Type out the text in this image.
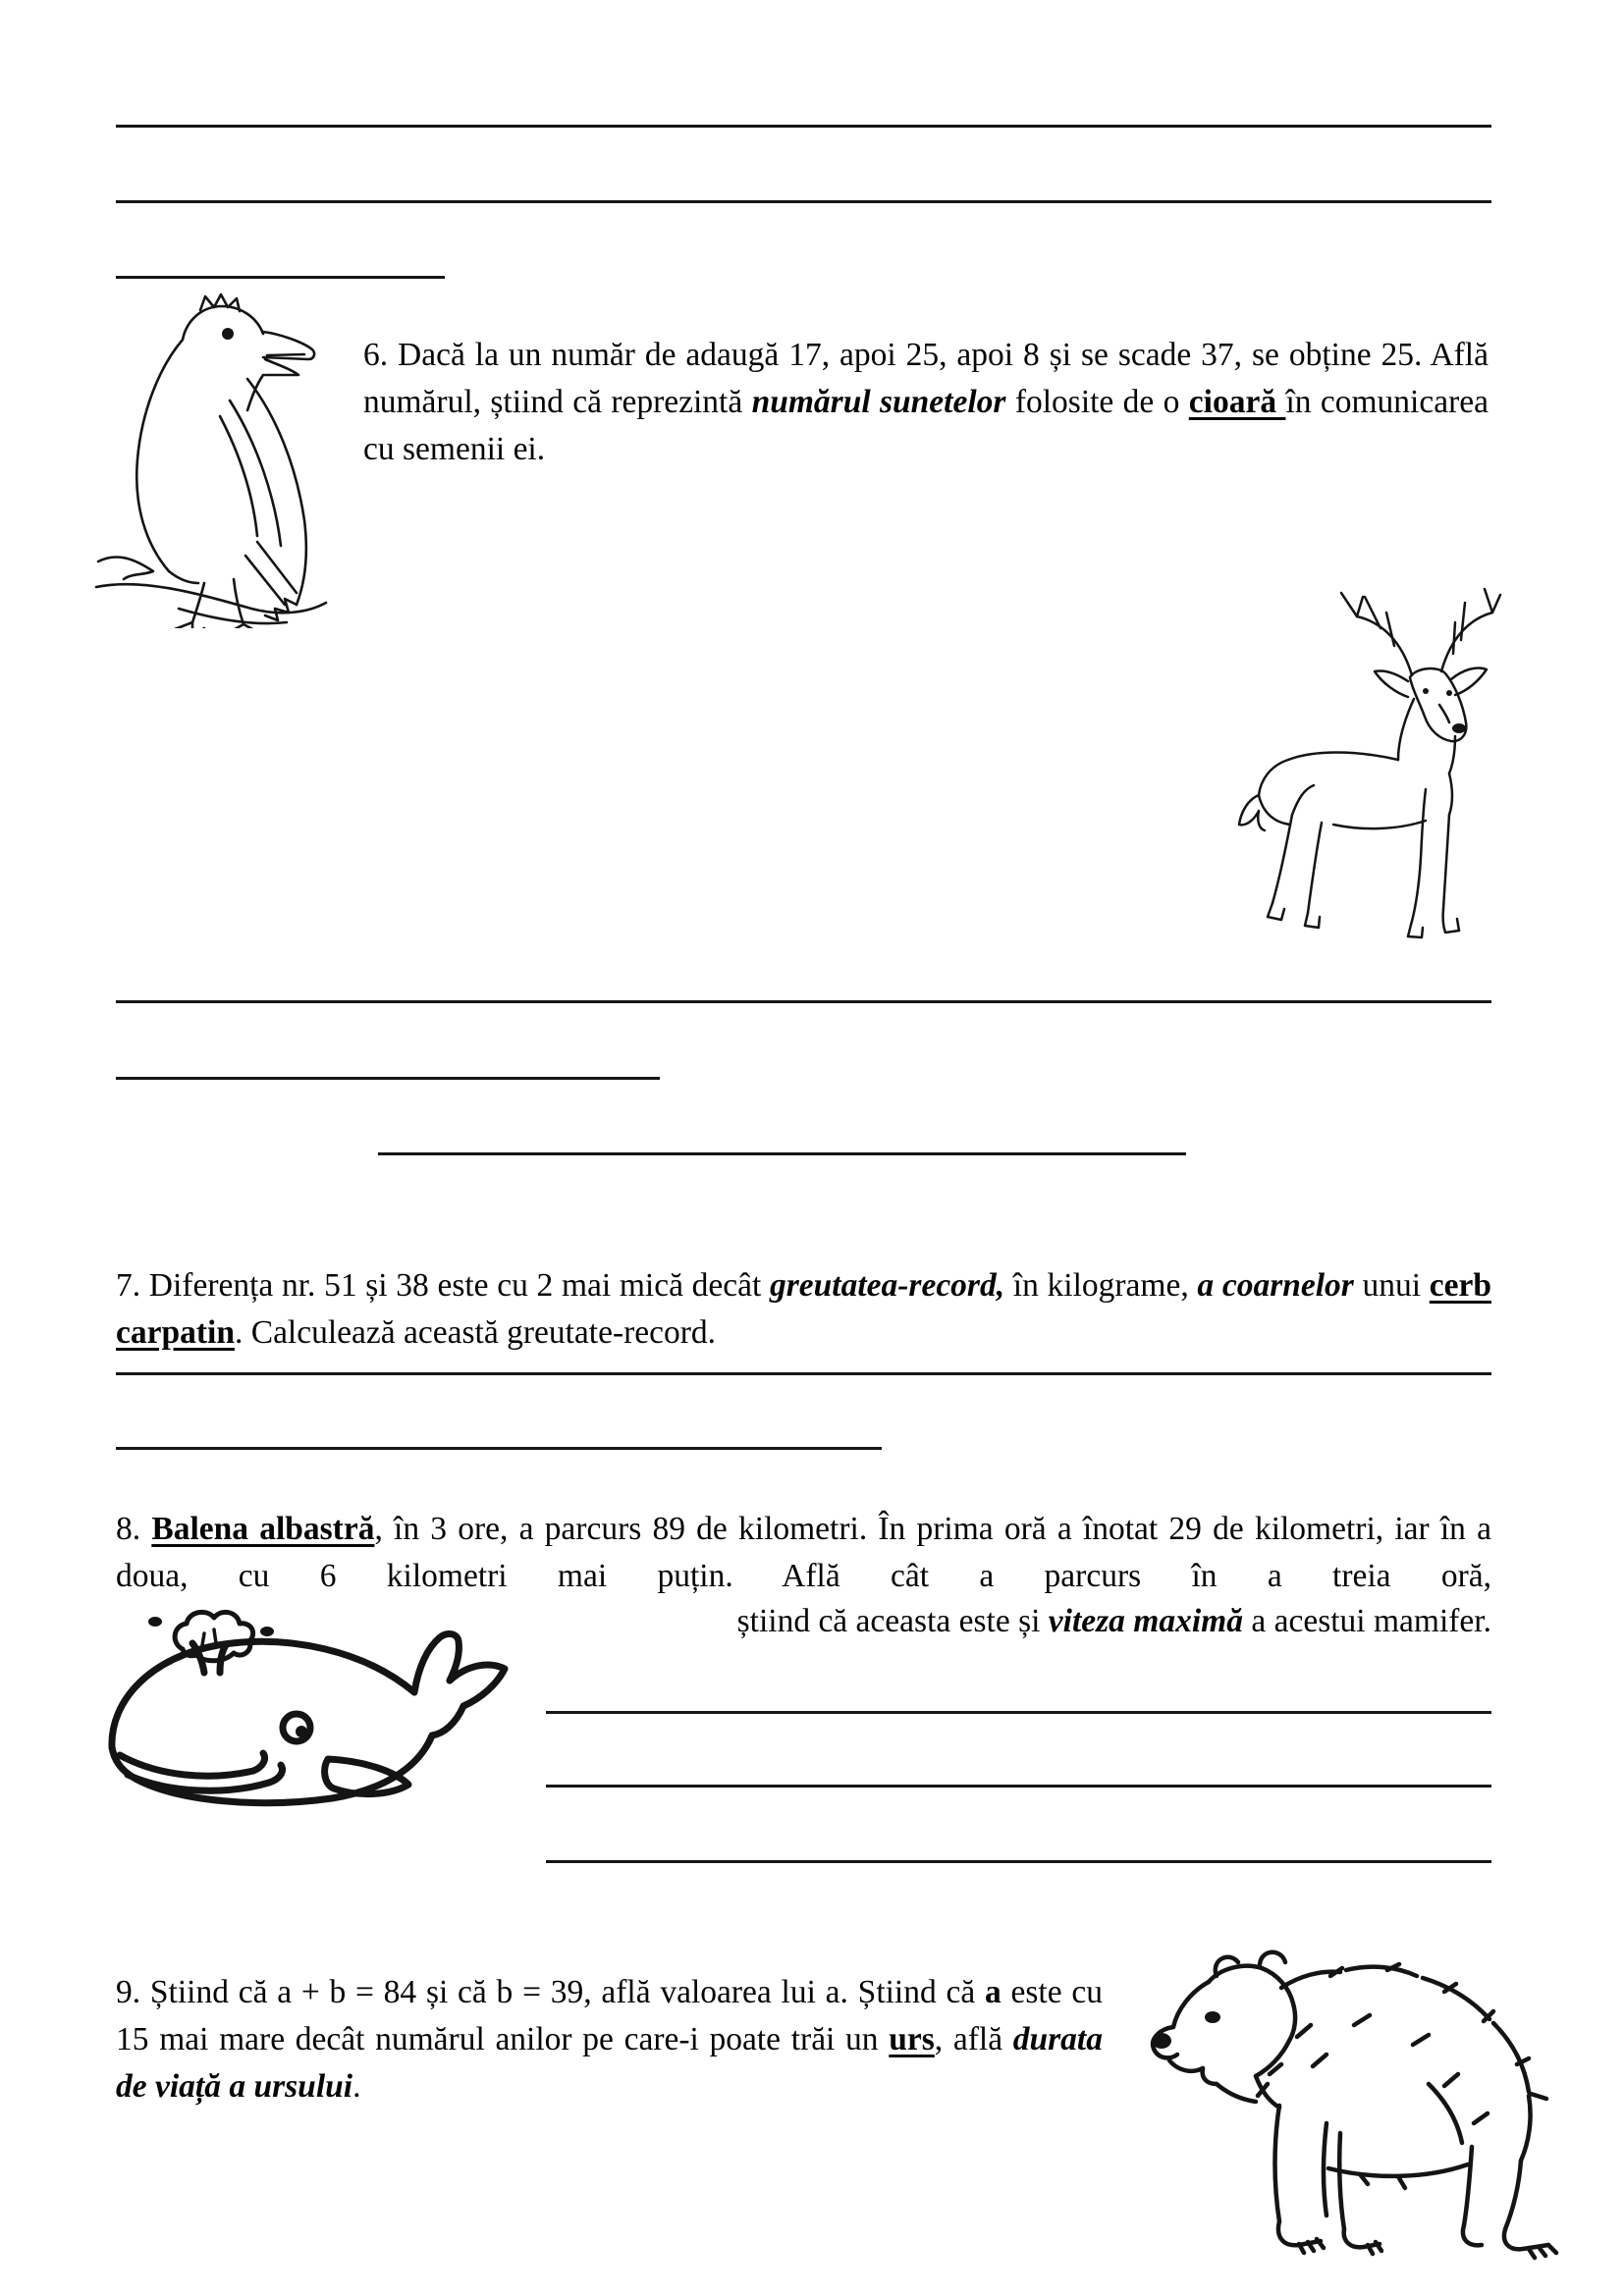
6. Dacă la un număr de adaugă 17, apoi 25, apoi 8 și se scade 37, se obține 25. Află numărul, știind că reprezintă numărul sunetelor folosite de o cioară în comunicarea cu semenii ei.

7. Diferența nr. 51 și 38 este cu 2 mai mică decât greutatea-record, în kilograme, a coarnelor unui cerb carpatin. Calculează această greutate-record.

8. Balena albastră, în 3 ore, a parcurs 89 de kilometri. În prima oră a înotat 29 de kilometri, iar în a doua, cu 6 kilometri mai puțin. Află cât a parcurs în a treia oră,

știind că aceasta este și viteza maximă a acestui mamifer.

9. Știind că a + b = 84 și că b = 39, află valoarea lui a. Știind că a este cu 15 mai mare decât numărul anilor pe care-i poate trăi un urs, află durata de viață a ursului.
